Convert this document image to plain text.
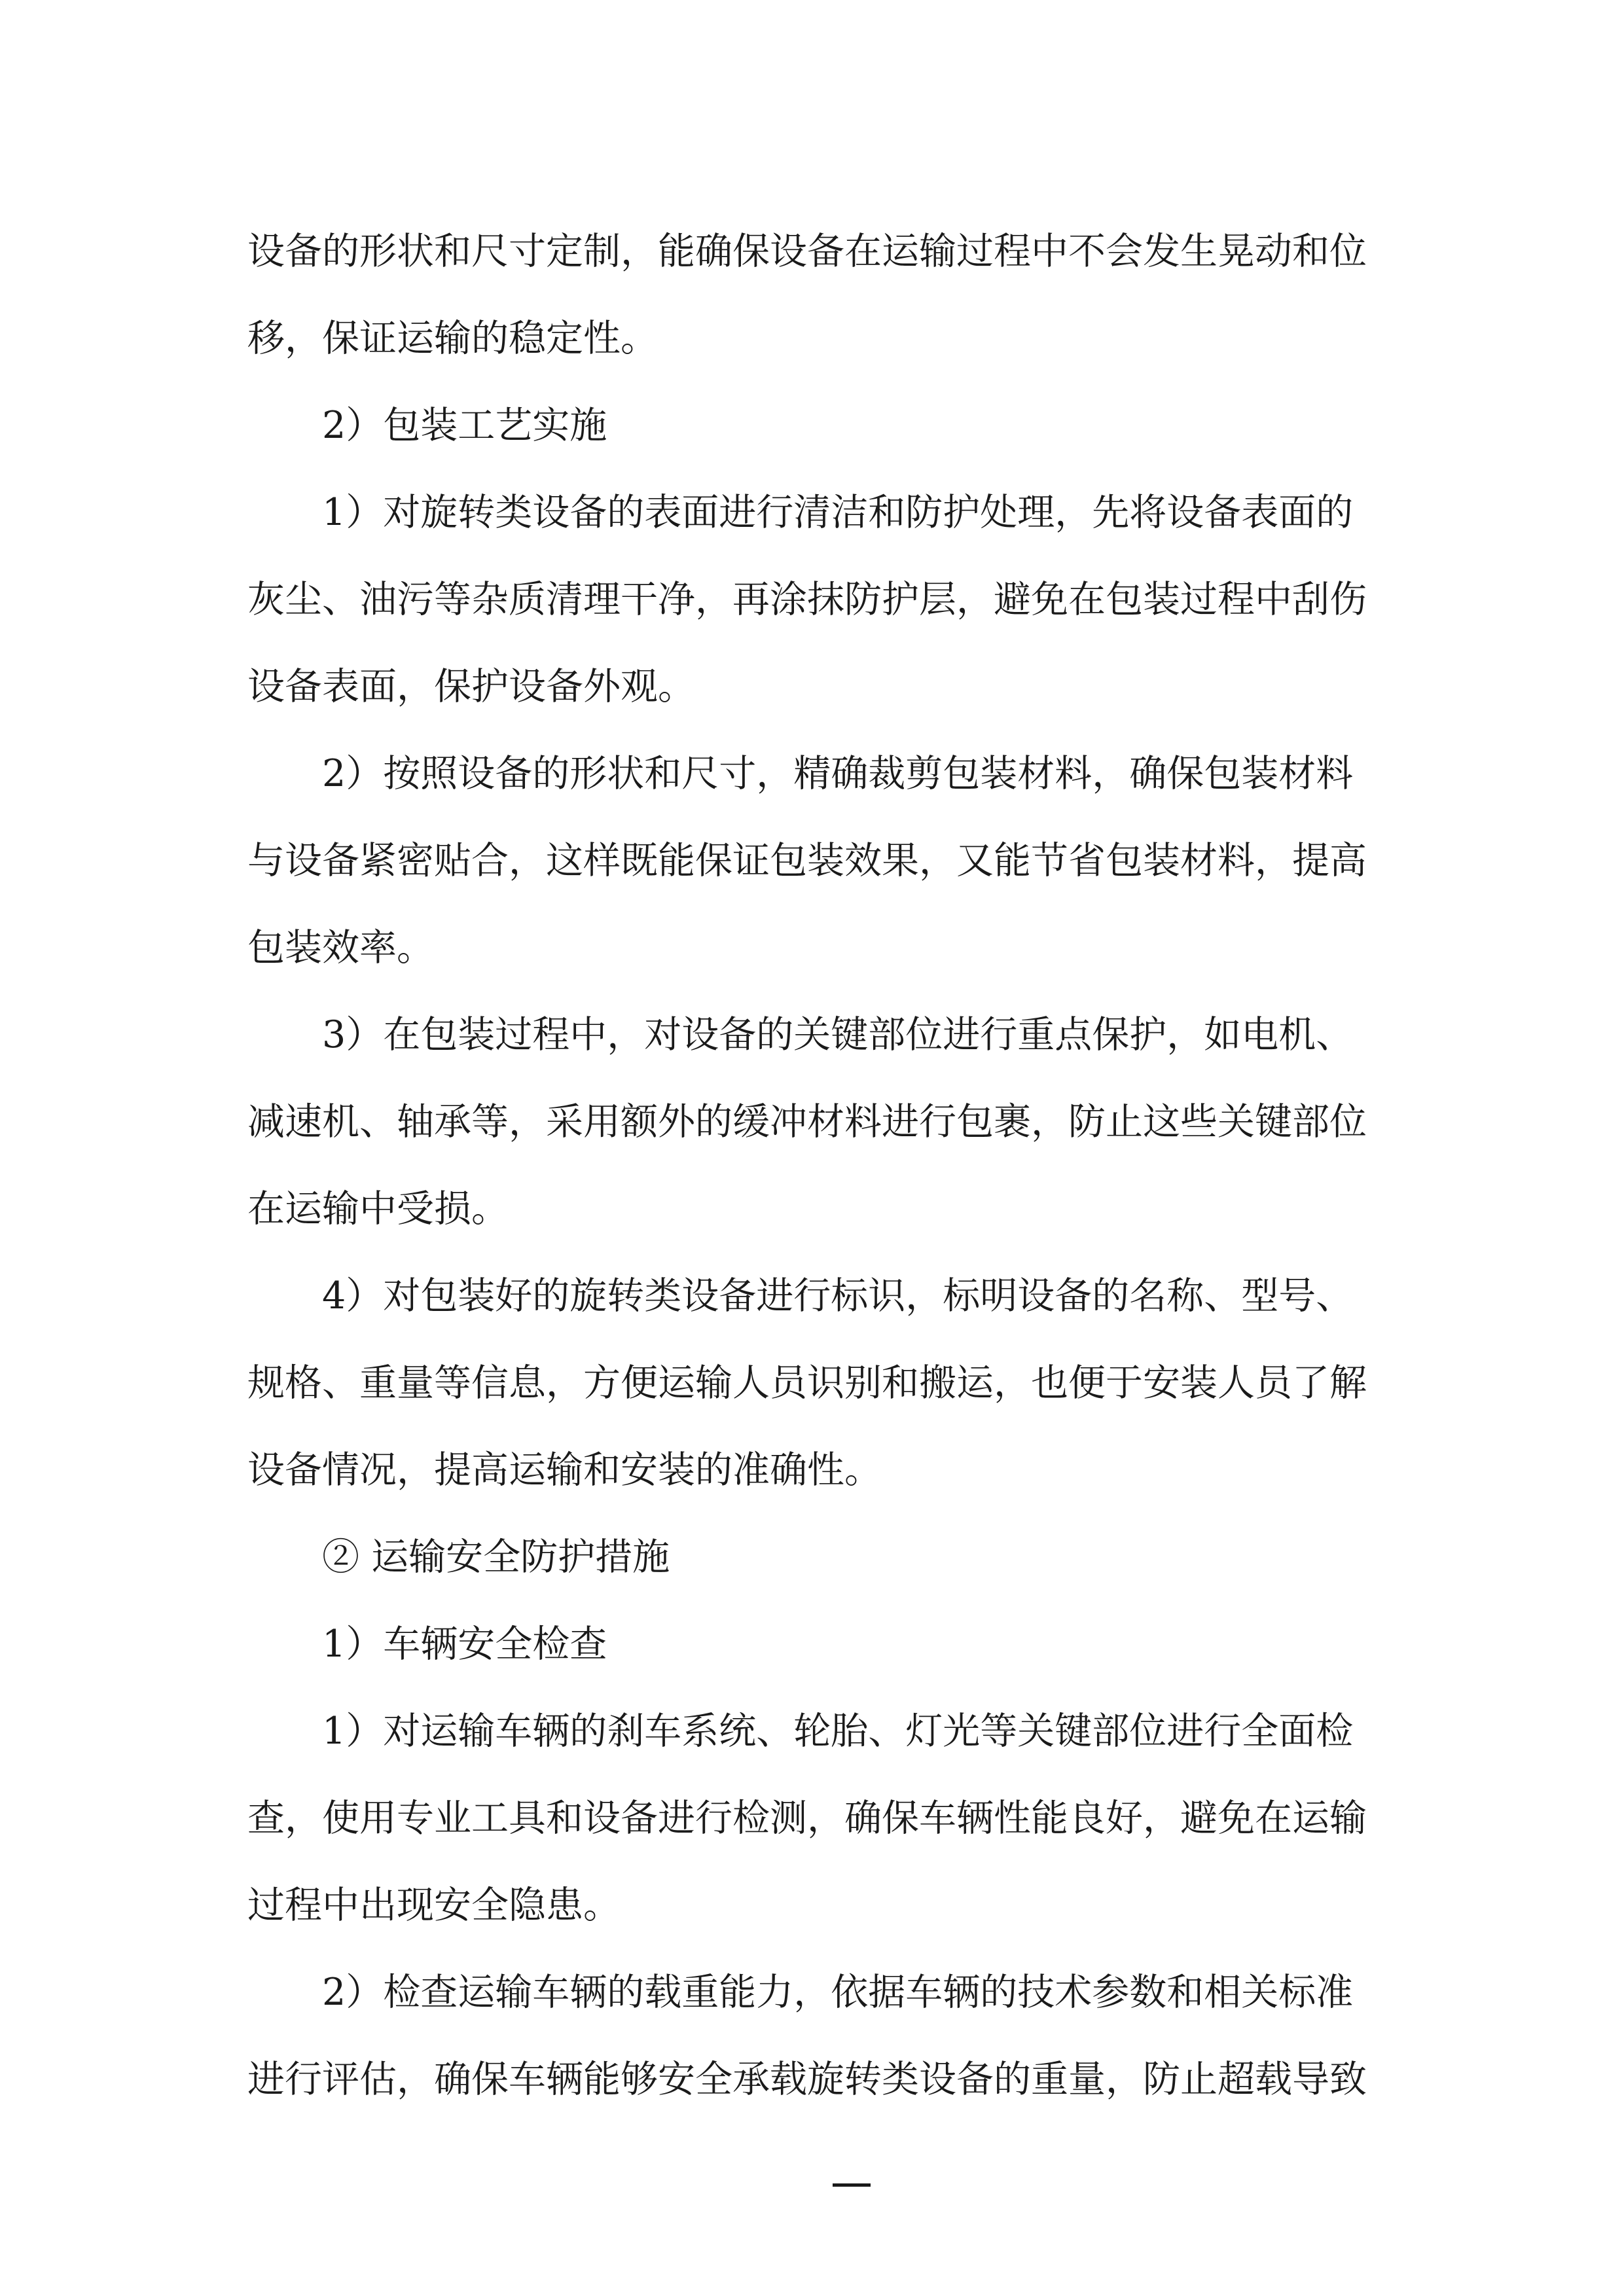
设备的形状和尺寸定制，能确保设备在运输过程中不会发生晃动和位
移，保证运输的稳定性。
2）包装工艺实施
1）对旋转类设备的表面进行清洁和防护处理，先将设备表面的
灰尘、油污等杂质清理干净，再涂抹防护层，避免在包装过程中刮伤
设备表面，保护设备外观。
2）按照设备的形状和尺寸，精确裁剪包装材料，确保包装材料
与设备紧密贴合，这样既能保证包装效果，又能节省包装材料，提高
包装效率。
3）在包装过程中，对设备的关键部位进行重点保护，如电机、
减速机、轴承等，采用额外的缓冲材料进行包裹，防止这些关键部位
在运输中受损。
4）对包装好的旋转类设备进行标识，标明设备的名称、型号、
规格、重量等信息，方便运输人员识别和搬运，也便于安装人员了解
设备情况，提高运输和安装的准确性。
② 运输安全防护措施
1）车辆安全检查
1）对运输车辆的刹车系统、轮胎、灯光等关键部位进行全面检
查，使用专业工具和设备进行检测，确保车辆性能良好，避免在运输
过程中出现安全隐患。
2）检查运输车辆的载重能力，依据车辆的技术参数和相关标准
进行评估，确保车辆能够安全承载旋转类设备的重量，防止超载导致
